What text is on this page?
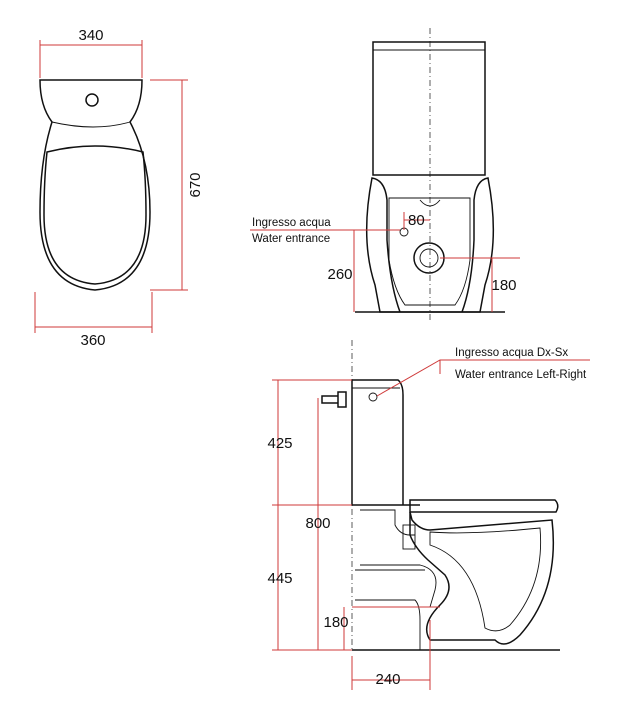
340
670
360
80
Ingresso acqua
Water entrance
260
180
425
445
800
180
240
Ingresso acqua Dx-Sx
Water entrance Left-Right
